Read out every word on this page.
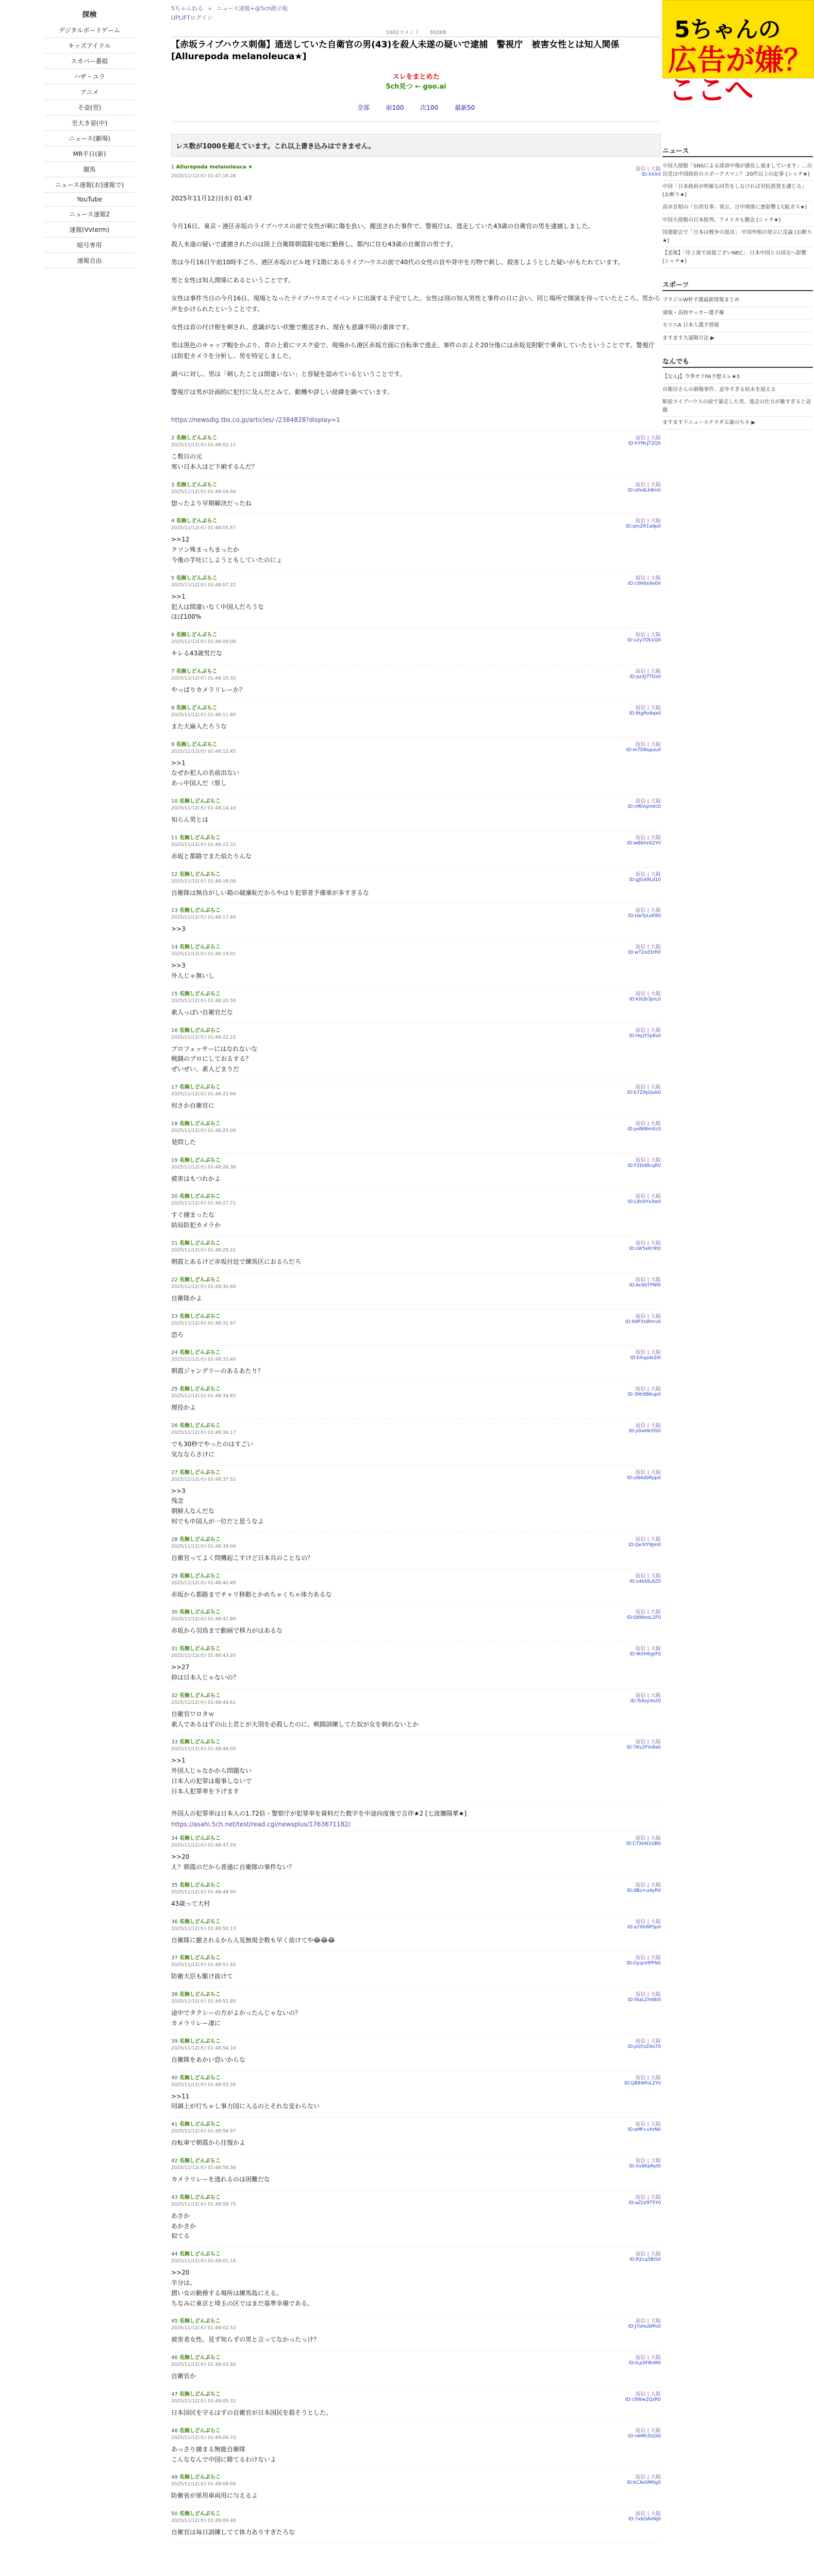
探検
デジタルボードゲーム
キッズアイドル
スカパー番組
ハザ・ユラ
アニメ
そ姿(翌)
至大き姿(中)
ニュース(劇場)
MR平日(新)
競馬
ニュース速報(お)速報で)
YouTube
ニュース速報2
速報(Vvterm)
暗号専用
速報自由
5ちゃんねる » ニュース速報+@5ch掲示板
UPLIFTログイン
1002コメント 302KB
【赤坂ライブハウス刺傷】通送していた自衛官の男(43)を殺人未遂の疑いで逮捕　警視庁　被害女性とは知人関係 [Allurepoda melanoleuca★]
スレをまとめた
5ch見つ ← goo.ai
全部	前100	次100	最新50
レス数が1000を超えています。これ以上書き込みはできません。
1 Allurepoda melanoleuca ★	返信 | 大阪
2025/11/12(水) 01:47:16.28	ID:XXXX

2025年11月12日(水) 01:47

今月16日、東京・港区赤坂のライブハウスの前で女性が刺に傷を負い、搬送された事件で、警視庁は、逃走していた43歳の自衛官の男を逮捕しました。

殺人未遂の疑いで逮捕されたのは陸上自衛隊朝霞駐屯地に勤務し、都内に住む43歳の自衛官の男です。

男は今月16日午前10時半ごろ、港区赤坂のビル地下1階にあるライブハウスの前で40代の女性の首や背中を刃物で刺し、殺害しようとした疑いがもたれています。

男と女性は知人関係にあるということです。

女性は事件当日の今月16日、現場となったライブハウスでイベントに出演する予定でした。女性は別の知人男性と事件の日に会い、同じ場所で開演を待っていたところ、男から声をかけられたということです。

女性は首の付け根を刺され、意識がない状態で搬送され、現在も意識不明の重体です。

男は黒色のキャップ帽をかぶり、青の上着にマスク姿で、現場から港区赤坂方面に自転車で逃走、事件のおよそ20分後には赤坂見附駅で乗車していたということです。警視庁は防犯カメラを分析し、男を特定しました。

調べに対し、男は「刺したことは間違いない」と容疑を認めているということです。

警視庁は男が計画的に犯行に及んだとみて、動機や詳しい経緯を調べています。

https://newsdig.tbs.co.jp/articles/-/2384828?display=1

2 名無しどんぶらこ	返信 | 大阪
2025/11/12(水) 01:48:02.11	ID:hYMcJT2Q0
こ数日の元
寒い日本人ほど下痢するんだ？
3 名無しどんぶらこ	返信 | 大阪
2025/11/12(水) 01:48:04.94	ID:x0s4Lk8m0
惚ったより早期解決だったね
4 名無しどんぶらこ	返信 | 大阪
2025/11/12(水) 01:48:05.67	ID:qmZR1a9p0
>>12
クソン殊まっちまったか
今後の芋吐にしようともしていたのにょ
5 名無しどんぶらこ	返信 | 大阪
2025/11/12(水) 01:48:07.22	ID:c0H8xXe00
>>1
犯人は間違いなく中国人だろうな
ほぼ100%
6 名無しどんぶらこ	返信 | 大阪
2025/11/12(水) 01:48:09.08	ID:v2y7Dk1Q0
キレる43歳男だな
7 名無しどんぶらこ	返信 | 大阪
2025/11/12(水) 01:48:10.32	ID:pzXJ7TDs0
やっぱりカメラリレーか？
8 名無しどんぶらこ	返信 | 大阪
2025/11/12(水) 01:48:11.80	ID:9tgRo4qa0
また大麻入たろうな
9 名無しどんぶらこ	返信 | 大阪
2025/11/12(水) 01:48:12.45	ID:m7D9upzu0
>>1
なぜか犯人の名前出ない
あっ中国人だ（察し
10 名無しどんぶらこ	返信 | 大阪
2025/11/12(水) 01:48:14.10	ID:nf6Vqm0c0
知らん男とは
11 名無しどんぶらこ	返信 | 大阪
2025/11/12(水) 01:48:15.33	ID:wBbhzX2Y0
赤坂と都路でまた似たりんな
12 名無しどんぶらこ	返信 | 大阪
2025/11/12(水) 01:48:16.08	ID:gJG49Ld10
自衛隊は無自がしい箱の破廉恥だからやはり犯罪者予備軍が多すぎるな
13 名無しどんぶらこ	返信 | 大阪
2025/11/12(水) 01:48:17.49	ID:UwTyLeE80
>>3
14 名無しどんぶらこ	返信 | 大阪
2025/11/12(水) 01:48:19.01	ID:wT2xd3rR0
>>3
外人じゃ無いし
15 名無しどんぶらこ	返信 | 大阪
2025/11/12(水) 01:48:20.50	ID:k0Qb3JnL0
素人っぽい自衛官だな
16 名無しどんぶらこ	返信 | 大阪
2025/11/12(水) 01:48:22.15	ID:Hq2tYp8s0
プロフェッサーにはなれないな
戦闘のプロにしておるする？
ぜいぜい、素人どまりだ
17 名無しどんぶらこ	返信 | 大阪
2025/11/12(水) 01:48:23.66	ID:b7Z0pQuk0
何さか自衛官に
18 名無しどんぶらこ	返信 | 大阪
2025/11/12(水) 01:48:25.09	ID:p4Nl8mXc0
発問した
19 名無しどんぶらこ	返信 | 大阪
2025/11/12(水) 01:48:26.38	ID:F2Dd8cqR0
被害はもつれかよ
20 名無しどんぶらこ	返信 | 大阪
2025/11/12(水) 01:48:27.71	ID:L8n0Yx3w0
すぐ捕まったな
結局防犯カメラか
21 名無しどんぶらこ	返信 | 大阪
2025/11/12(水) 01:48:29.22	ID:sW5eKr9t0
朝霞とあるけど赤坂付近で練馬区におるらだろ
22 名無しどんぶらこ	返信 | 大阪
2025/11/12(水) 01:48:30.64	ID:Ac6bTPNf0
自衛隊かよ
23 名無しどんぶらこ	返信 | 大阪
2025/11/12(水) 01:48:31.97	ID:9dP3xWmv0
恐ろ
24 名無しどんぶらこ	返信 | 大阪
2025/11/12(水) 01:48:33.40	ID:hXspdz2l0
朝霞ジャングリーのあるあたり？
25 名無しどんぶらこ	返信 | 大阪
2025/11/12(水) 01:48:34.83	ID:3Mr8B6up0
理役かよ
26 名無しどんぶらこ	返信 | 大阪
2025/11/12(水) 01:48:36.17	ID:yDaHk5lS0
でも30秒でやったのはすごい
気なならさけに
27 名無しどんぶらこ	返信 | 大阪
2025/11/12(水) 01:48:37.52	ID:uN4dbRpp0
>>3
残念
朝鮮人なんだな
何でも中国人が一位だと思うなよ
28 名無しどんぶらこ	返信 | 大阪
2025/11/12(水) 01:48:39.04	ID:Qe3tY9Jm0
自衛官ってよく問機起こすけど日本兵のことなの？
29 名無しどんぶらこ	返信 | 大阪
2025/11/12(水) 01:48:40.49	ID:x4kbtL6Z0
赤坂から都路までチャリ移動とかめちゃくちゃ体力あるな
30 名無しどんぶらこ	返信 | 大阪
2025/11/12(水) 01:48:41.86	ID:Q8WzoL2F0
赤坂から羽鳥まで動画で移力がはあるな
31 名無しどんぶらこ	返信 | 大阪
2025/11/12(水) 01:48:43.20	ID:9tXH0gtF0
>>27
抑は日本人じゃないの？
32 名無しどんぶらこ	返信 | 大阪
2025/11/12(水) 01:48:44.61	ID:Ts9zyVo20
自衛官ワロタｗ
素人であるはずの山上君とが大別を必殺したのに、戦闘訓練してた奴が女を刺れないとか
33 名無しどんぶらこ	返信 | 大阪
2025/11/12(水) 01:48:46.05	ID:7Kv2Fm8a0
>>1
外国人じゃなかから問題ない
日本人の犯罪は報事しないで
日本人犯罪率を下げます
外国人の犯罪率は日本人の1.72倍・警察庁が犯罪率を資料だた数字を中途向度後で言伴★2 [七波孃陽華★]
https://asahi.5ch.net/test/read.cgi/newsplus/1763671182/
34 名無しどんぶらこ	返信 | 大阪
2025/11/12(水) 01:48:47.29	ID:CTXkN1QB0
>>20
え？朝霞のだから普通に自衛隊の事件ない？
35 名無しどんぶらこ	返信 | 大阪
2025/11/12(水) 01:48:48.90	ID:dBo+uAyR0
43歳って大村
36 名無しどんぶらこ	返信 | 大阪
2025/11/12(水) 01:48:50.13	ID:a7Xh8R5p0
自衛隊に撤されるから人見無現全数も早く前けてや😂😂😂
37 名無しどんぶらこ	返信 | 大阪
2025/11/12(水) 01:48:51.42	ID:OyqnHPFN0
防衛大臣も駆け抜けて
38 名無しどんぶらこ	返信 | 大阪
2025/11/12(水) 01:48:52.80	ID:f4aLZm6b0
途中でタクシーの方がよかったんじゃないの？
カメラリレー凄に
39 名無しどんぶらこ	返信 | 大阪
2025/11/12(水) 01:48:54.19	ID:pGYzZAo70
自衛隊をあかい恐いからな
40 名無しどんぶらこ	返信 | 大阪
2025/11/12(水) 01:48:55.58	ID:QB8WfvL2Y0
>>11
同調上が行ちゃし事力国に入るのとそれな変わらない
41 名無しどんぶらこ	返信 | 大阪
2025/11/12(水) 01:48:56.97	ID:eMf+vXrN0
自転車で朝霞から往復かよ
42 名無しどんぶらこ	返信 | 大阪
2025/11/12(水) 01:48:58.36	ID:Xv8KpRyt0
カメラリレーを逃れるのは困難だな
43 名無しどんぶらこ	返信 | 大阪
2025/11/12(水) 01:48:59.75	ID:aZLV9T5Y0
あさか
あかさか
似てる
44 名無しどんぶらこ	返信 | 大阪
2025/11/12(水) 01:49:01.14	ID:R2cq3BiS0
>>20
半分は、
摺い女の勤務する場所は練馬島にえる。
ちなみに東京と埼玉の区ではまだ基準幸備である。
45 名無しどんぶらこ	返信 | 大阪
2025/11/12(水) 01:49:02.53	ID:J7sHuWPo0
被害者女性、見ず知らずの男と言ってなかったっけ？
46 名無しどんぶらこ	返信 | 大阪
2025/11/12(水) 01:49:03.92	ID:tLp5F8nM0
自衛官か
47 名無しどんぶらこ	返信 | 大阪
2025/11/12(水) 01:49:05.31	ID:c8Ww2QzR0
日本国民を守るはずの自衛官が日本国民を殺そうとした。
48 名無しどんぶらこ	返信 | 大阪
2025/11/12(水) 01:49:06.70	ID:n6Mh3VjX0
あっさり捕まる無能自衛隊
こんななんで中国に勝てるわけないよ
49 名無しどんぶらこ	返信 | 大阪
2025/11/12(水) 01:49:08.09	ID:kCXeSM0g0
防衛省が軍用車両用に与えるよ
50 名無しどんぶらこ	返信 | 大阪
2025/11/12(水) 01:49:09.48	ID:7x6OAVNJ0
自衛官は毎日訓練してて体力ありすぎたろな
5ちゃんの
広告が嫌？
ここへ
ニュース
中国大使館「SNSによる誹謗中傷が激化し強ましています」…自民党は中国政府のスポークスマン？ 20件以上の記事 [シャチ★]
中国「日本政府が明確な回答をしなければ対抗措置を講じる」 [お断り★]
高市首相の「台湾有事」発言、日中関係に悪影響 [大阪ガス★]
中国大使館の日本批判、アメリカも懸念 [シャチ★]
国連総会で「日本は戦争の道具」 中国外相の発言に反論 [お断り★]
【悲報】「岸上彼で前提ございNEC」 日本中国との国交へ影響 [シャチ★]
スポーツ
ブラジルW杯予選最新情報まとめ
速報・高校サッカー選手権
セリエA 日本人選手情報
ますます大遠隔方法 ▶
なんでも
【なんJ】今季オフFA予想スレ★3
自衛官さんの刺傷事件、意外すぎる結末を迎える
駅前ライブハウスの前で暴走した男、逃走の仕方が雑すぎると話題
ますます下ニューステラダ五歳のちネ ▶
